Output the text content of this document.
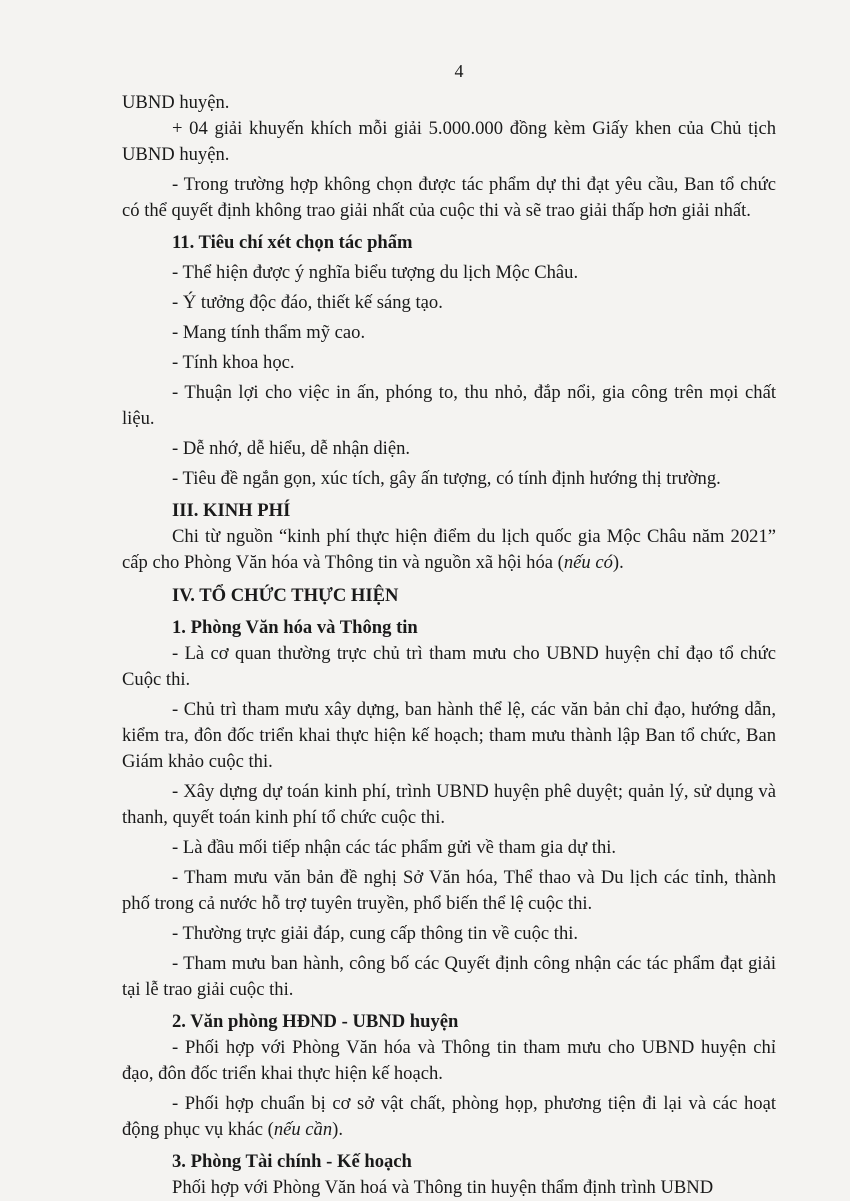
4

UBND huyện.

+ 04 giải khuyến khích mỗi giải 5.000.000 đồng kèm Giấy khen của Chủ tịch UBND huyện.

- Trong trường hợp không chọn được tác phẩm dự thi đạt yêu cầu, Ban tổ chức có thể quyết định không trao giải nhất của cuộc thi và sẽ trao giải thấp hơn giải nhất.

11. Tiêu chí xét chọn tác phẩm

- Thể hiện được ý nghĩa biểu tượng du lịch Mộc Châu.

- Ý tưởng độc đáo, thiết kế sáng tạo.

- Mang tính thẩm mỹ cao.

- Tính khoa học.

- Thuận lợi cho việc in ấn, phóng to, thu nhỏ, đắp nổi, gia công trên mọi chất liệu.

- Dễ nhớ, dễ hiểu, dễ nhận diện.

- Tiêu đề ngắn gọn, xúc tích, gây ấn tượng, có tính định hướng thị trường.

III. KINH PHÍ

Chi từ nguồn “kinh phí thực hiện điểm du lịch quốc gia Mộc Châu năm 2021” cấp cho Phòng Văn hóa và Thông tin và nguồn xã hội hóa (nếu có).

IV. TỔ CHỨC THỰC HIỆN
1. Phòng Văn hóa và Thông tin

- Là cơ quan thường trực chủ trì tham mưu cho UBND huyện chỉ đạo tổ chức Cuộc thi.

- Chủ trì tham mưu xây dựng, ban hành thể lệ, các văn bản chỉ đạo, hướng dẫn, kiểm tra, đôn đốc triển khai thực hiện kế hoạch; tham mưu thành lập Ban tổ chức, Ban Giám khảo cuộc thi.

- Xây dựng dự toán kinh phí, trình UBND huyện phê duyệt; quản lý, sử dụng và thanh, quyết toán kinh phí tổ chức cuộc thi.

- Là đầu mối tiếp nhận các tác phẩm gửi về tham gia dự thi.

- Tham mưu văn bản đề nghị Sở Văn hóa, Thể thao và Du lịch các tỉnh, thành phố trong cả nước hỗ trợ tuyên truyền, phổ biến thể lệ cuộc thi.

- Thường trực giải đáp, cung cấp thông tin về cuộc thi.

- Tham mưu ban hành, công bố các Quyết định công nhận các tác phẩm đạt giải tại lễ trao giải cuộc thi.

2. Văn phòng HĐND - UBND huyện

- Phối hợp với Phòng Văn hóa và Thông tin tham mưu cho UBND huyện chỉ đạo, đôn đốc triển khai thực hiện kế hoạch.

- Phối hợp chuẩn bị cơ sở vật chất, phòng họp, phương tiện đi lại và các hoạt động phục vụ khác (nếu cần).

3. Phòng Tài chính - Kế hoạch

Phối hợp với Phòng Văn hoá và Thông tin huyện thẩm định trình UBND
